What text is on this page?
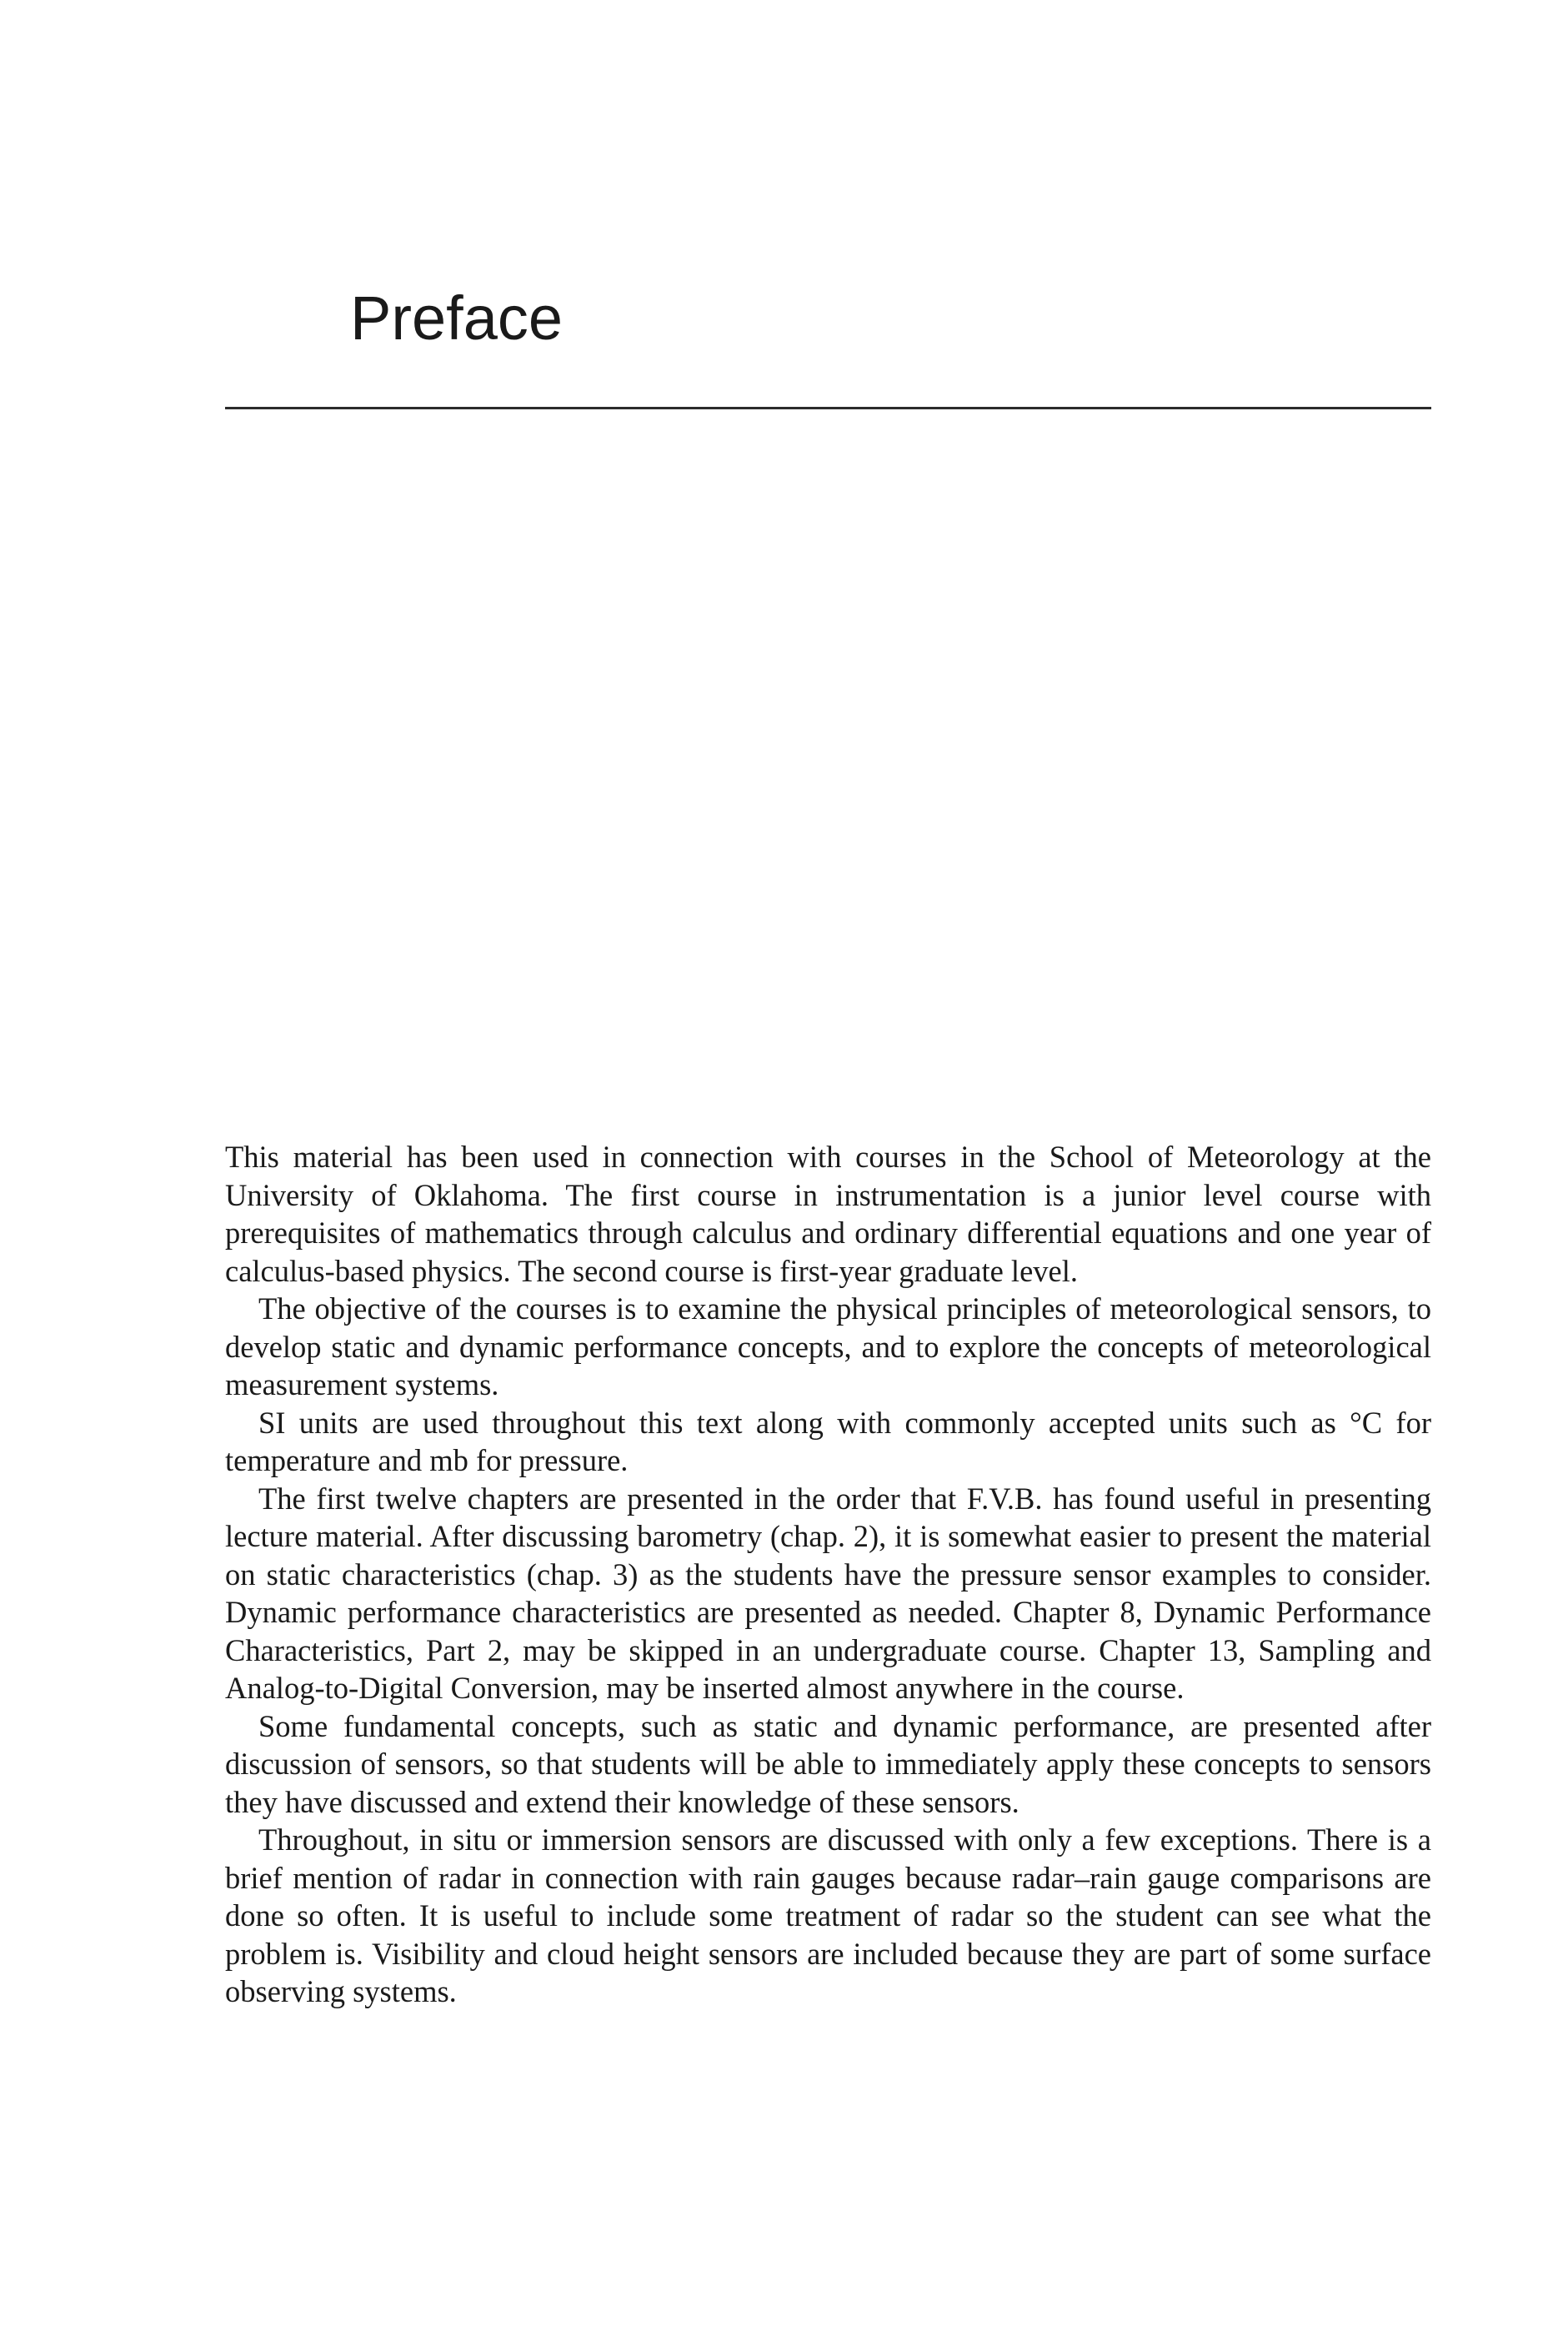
Preface

This material has been used in connection with courses in the School of Meteorology at the University of Oklahoma. The first course in instrumentation is a junior level course with prerequisites of mathematics through calculus and ordinary differential equations and one year of calculus-based physics. The second course is first-year graduate level.

The objective of the courses is to examine the physical principles of meteorological sensors, to develop static and dynamic performance concepts, and to explore the concepts of meteorological measurement systems.

SI units are used throughout this text along with commonly accepted units such as °C for temperature and mb for pressure.

The first twelve chapters are presented in the order that F.V.B. has found useful in presenting lecture material. After discussing barometry (chap. 2), it is somewhat easier to present the material on static characteristics (chap. 3) as the students have the pressure sensor examples to consider. Dynamic performance characteristics are presented as needed. Chapter 8, Dynamic Performance Characteristics, Part 2, may be skipped in an undergraduate course. Chapter 13, Sampling and Analog-to-Digital Conversion, may be inserted almost anywhere in the course.

Some fundamental concepts, such as static and dynamic performance, are presented after discussion of sensors, so that students will be able to immediately apply these concepts to sensors they have discussed and extend their knowledge of these sensors.

Throughout, in situ or immersion sensors are discussed with only a few exceptions. There is a brief mention of radar in connection with rain gauges because radar–rain gauge comparisons are done so often. It is useful to include some treatment of radar so the student can see what the problem is. Visibility and cloud height sensors are included because they are part of some surface observing systems.
